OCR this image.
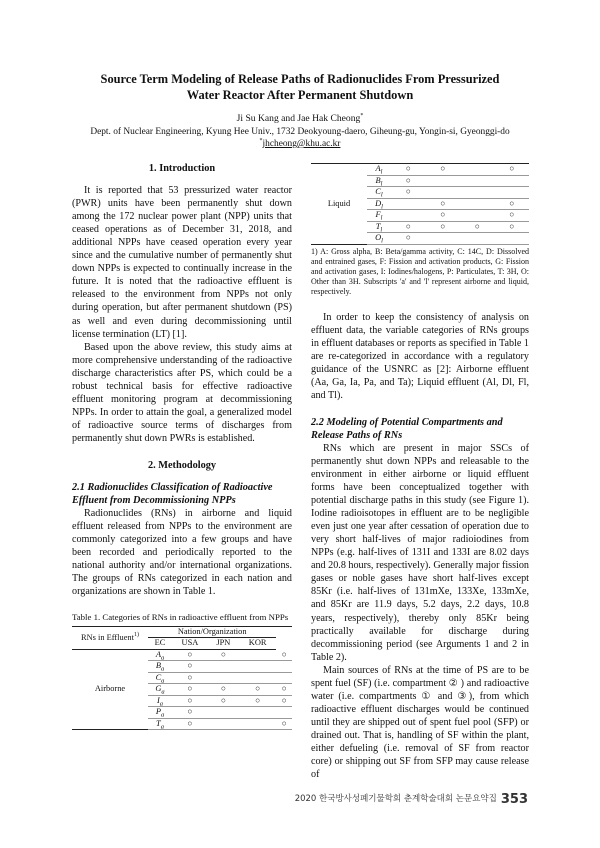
Source Term Modeling of Release Paths of Radionuclides From Pressurized
Water Reactor After Permanent Shutdown
Ji Su Kang and Jae Hak Cheong*
Dept. of Nuclear Engineering, Kyung Hee Univ., 1732 Deokyoung-daero, Giheung-gu, Yongin-si, Gyeonggi-do
*jhcheong@khu.ac.kr

1. Introduction

It is reported that 53 pressurized water reactor (PWR) units have been permanently shut down among the 172 nuclear power plant (NPP) units that ceased operations as of December 31, 2018, and additional NPPs have ceased operation every year since and the cumulative number of permanently shut down NPPs is expected to continually increase in the future. It is noted that the radioactive effluent is released to the environment from NPPs not only during operation, but after permanent shutdown (PS) as well and even during decommissioning until license termination (LT) [1].

Based upon the above review, this study aims at more comprehensive understanding of the radioactive discharge characteristics after PS, which could be a robust technical basis for effective radioactive effluent monitoring program at decommissioning NPPs. In order to attain the goal, a generalized model of radioactive source terms of discharges from permanently shut down PWRs is established.

2. Methodology

2.1 Radionuclides Classification of Radioactive Effluent from Decommissioning NPPs

Radionuclides (RNs) in airborne and liquid effluent released from NPPs to the environment are commonly categorized into a few groups and have been recorded and periodically reported to the national authority and/or international organizations. The groups of RNs categorized in each nation and organizations are shown in Table 1.

Table 1. Categories of RNs in radioactive effluent from NPPs
RNs in Effluent$^{1)}$	Nation/Organization				
	EC	USA	JPN	KOR	
Airborne	$A_a$	○	○		○
	$B_a$	○			
	$C_a$	○			
	$G_a$	○	○	○	○
	$I_a$	○	○	○	○
	$P_a$	○			
	$T_a$	○			○
Liquid	$A_l$	○	○		○
	$B_l$	○			
	$C_l$	○			
	$D_l$		○		○
	$F_l$		○		○
	$T_l$	○	○	○	○
	$O_l$	○			
1) A: Gross alpha, B: Beta/gamma activity, C: 14C, D: Dissolved and entrained gases, F: Fission and activation products, G: Fission and activation gases, I: Iodines/halogens, P: Particulates, T: 3H, O: Other than 3H. Subscripts 'a' and 'l' represent airborne and liquid, respectively.

In order to keep the consistency of analysis on effluent data, the variable categories of RNs groups in effluent databases or reports as specified in Table 1 are re-categorized in accordance with a regulatory guidance of the USNRC as [2]: Airborne effluent (Aa, Ga, Ia, Pa, and Ta); Liquid effluent (Al, Dl, Fl, and Tl).

2.2 Modeling of Potential Compartments and Release Paths of RNs

RNs which are present in major SSCs of permanently shut down NPPs and releasable to the environment in either airborne or liquid effluent forms have been conceptualized together with potential discharge paths in this study (see Figure 1). Iodine radioisotopes in effluent are to be negligible even just one year after cessation of operation due to very short half-lives of major radioiodines from NPPs (e.g. half-lives of 131I and 133I are 8.02 days and 20.8 hours, respectively). Generally major fission gases or noble gases have short half-lives except 85Kr (i.e. half-lives of 131mXe, 133Xe, 133mXe, and 85Kr are 11.9 days, 5.2 days, 2.2 days, 10.8 years, respectively), thereby only 85Kr being practically available for discharge during decommissioning period (see Arguments 1 and 2 in Table 2).

Main sources of RNs at the time of PS are to be spent fuel (SF) (i.e. compartment ② ) and radioactive water (i.e. compartments ① and ③), from which radioactive effluent discharges would be continued until they are shipped out of spent fuel pool (SFP) or drained out. That is, handling of SF within the plant, either defueling (i.e. removal of SF from reactor core) or shipping out SF from SFP may cause release of

2020 한국방사성폐기물학회 춘계학술대회 논문요약집 353
